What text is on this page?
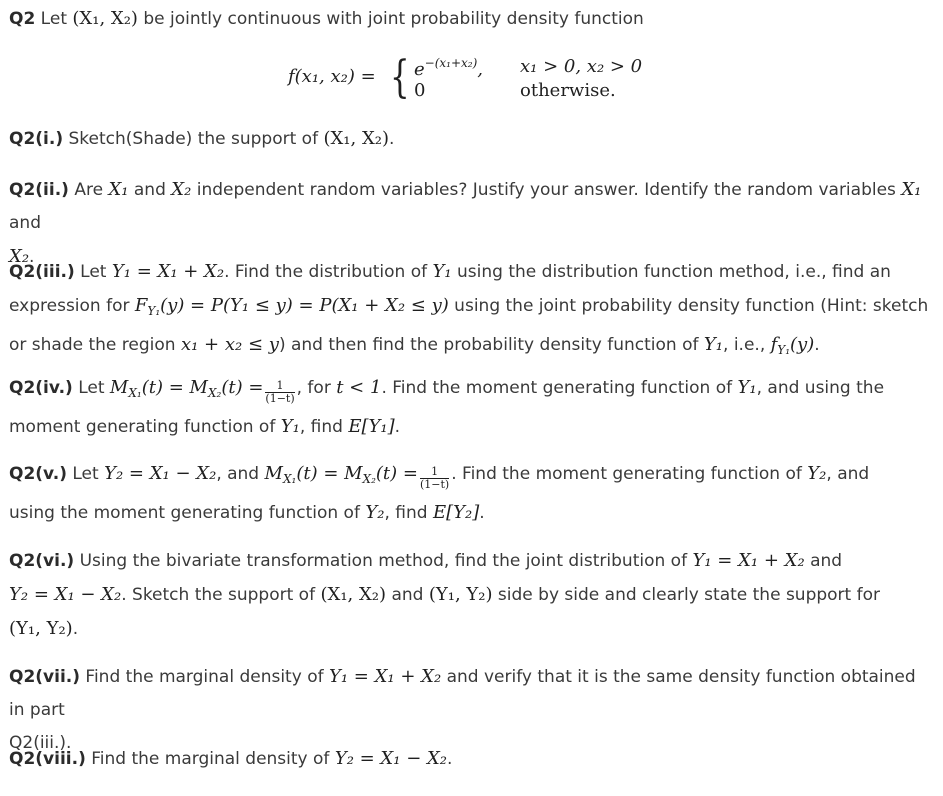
Q2 Let (X₁, X₂) be jointly continuous with joint probability density function

f(x₁, x₂) = { $e^{-(x_1+x_2)}$,
0
x₁ > 0, x₂ > 0
otherwise.

Q2(i.) Sketch(Shade) the support of (X₁, X₂).

Q2(ii.) Are X₁ and X₂ independent random variables? Justify your answer. Identify the random variables X₁ and
X₂.

Q2(iii.) Let Y₁ = X₁ + X₂. Find the distribution of Y₁ using the distribution function method, i.e., find an
expression for $F_{Y_1}(y) = P(Y_1 \le y) = P(X_1 + X_2 \le y)$ using the joint probability density function (Hint: sketch
or shade the region x₁ + x₂ ≤ y) and then find the probability density function of Y₁, i.e., $f_{Y_1}(y)$.

Q2(iv.) Let $M_{X_1}(t) = M_{X_2}(t) = \frac{1}{(1-t)}$ , for t < 1. Find the moment generating function of Y₁, and using the
moment generating function of Y₁, find E[Y₁].

Q2(v.) Let Y₂ = X₁ − X₂, and $M_{X_1}(t) = M_{X_2}(t) = \frac{1}{(1-t)}$ . Find the moment generating function of Y₂, and
using the moment generating function of Y₂, find E[Y₂].

Q2(vi.) Using the bivariate transformation method, find the joint distribution of Y₁ = X₁ + X₂ and
Y₂ = X₁ − X₂. Sketch the support of (X₁, X₂) and (Y₁, Y₂) side by side and clearly state the support for
(Y₁, Y₂).

Q2(vii.) Find the marginal density of Y₁ = X₁ + X₂ and verify that it is the same density function obtained in part
Q2(iii.).

Q2(viii.) Find the marginal density of Y₂ = X₁ − X₂.
